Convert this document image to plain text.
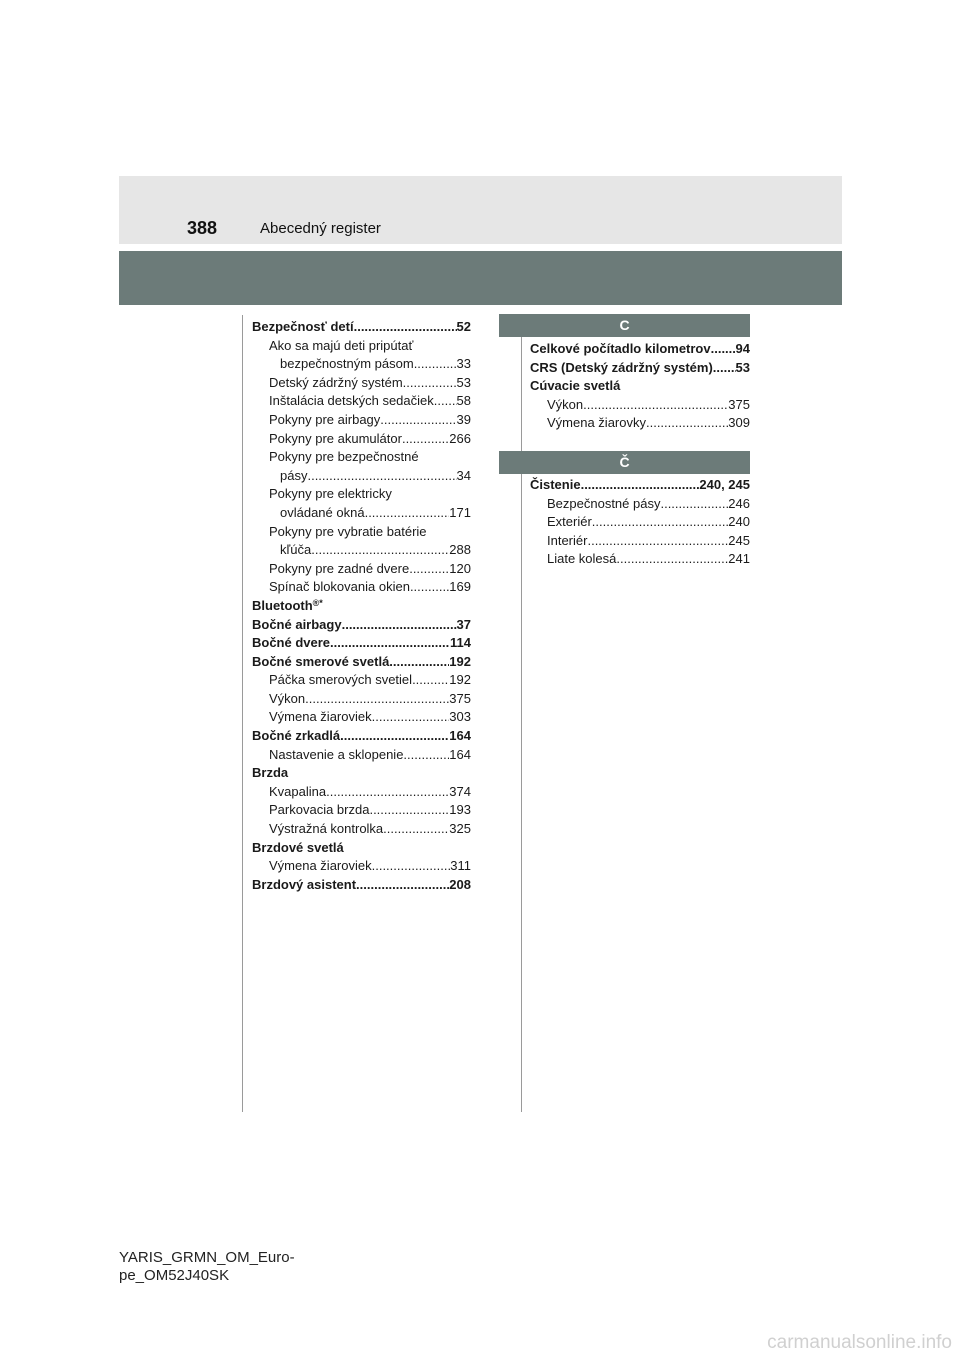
388	Abecedný register
Bezpečnosť detí .....	52
Ako sa majú deti pripútať
bezpečnostným pásom .....	33
Detský zádržný systém .....	53
Inštalácia detských sedačiek ..... 58
Pokyny pre airbagy .....	39
Pokyny pre akumulátor .....	266
Pokyny pre bezpečnostné
pásy .....	34
Pokyny pre elektricky
ovládané okná .....	171
Pokyny pre vybratie batérie
kľúča .....	288
Pokyny pre zadné dvere .....	120
Spínač blokovania okien .....	169
Bluetooth ®*
Bočné airbagy .....	37
Bočné dvere .....	114
Bočné smerové svetlá .....	192
Páčka smerových svetiel .....	192
Výkon .....	375
Výmena žiaroviek .....	303
Bočné zrkadlá .....	164
Nastavenie a sklopenie .....	164
Brzda
Kvapalina .....	374
Parkovacia brzda .....	193
Výstražná kontrolka .....	325
Brzdové svetlá
Výmena žiaroviek .....	311
Brzdový asistent .....	208
C
Celkové počítadlo kilometrov ..... 94
CRS (Detský zádržný systém) ..... 53
Cúvacie svetlá
Výkon .....	375
Výmena žiarovky .....	309
Č
Čistenie .....	240, 245
Bezpečnostné pásy .....	246
Exteriér .....	240
Interiér .....	245
Liate kolesá .....	241
YARIS_GRMN_OM_Euro-
pe_OM52J40SK
carmanualsonline.info
